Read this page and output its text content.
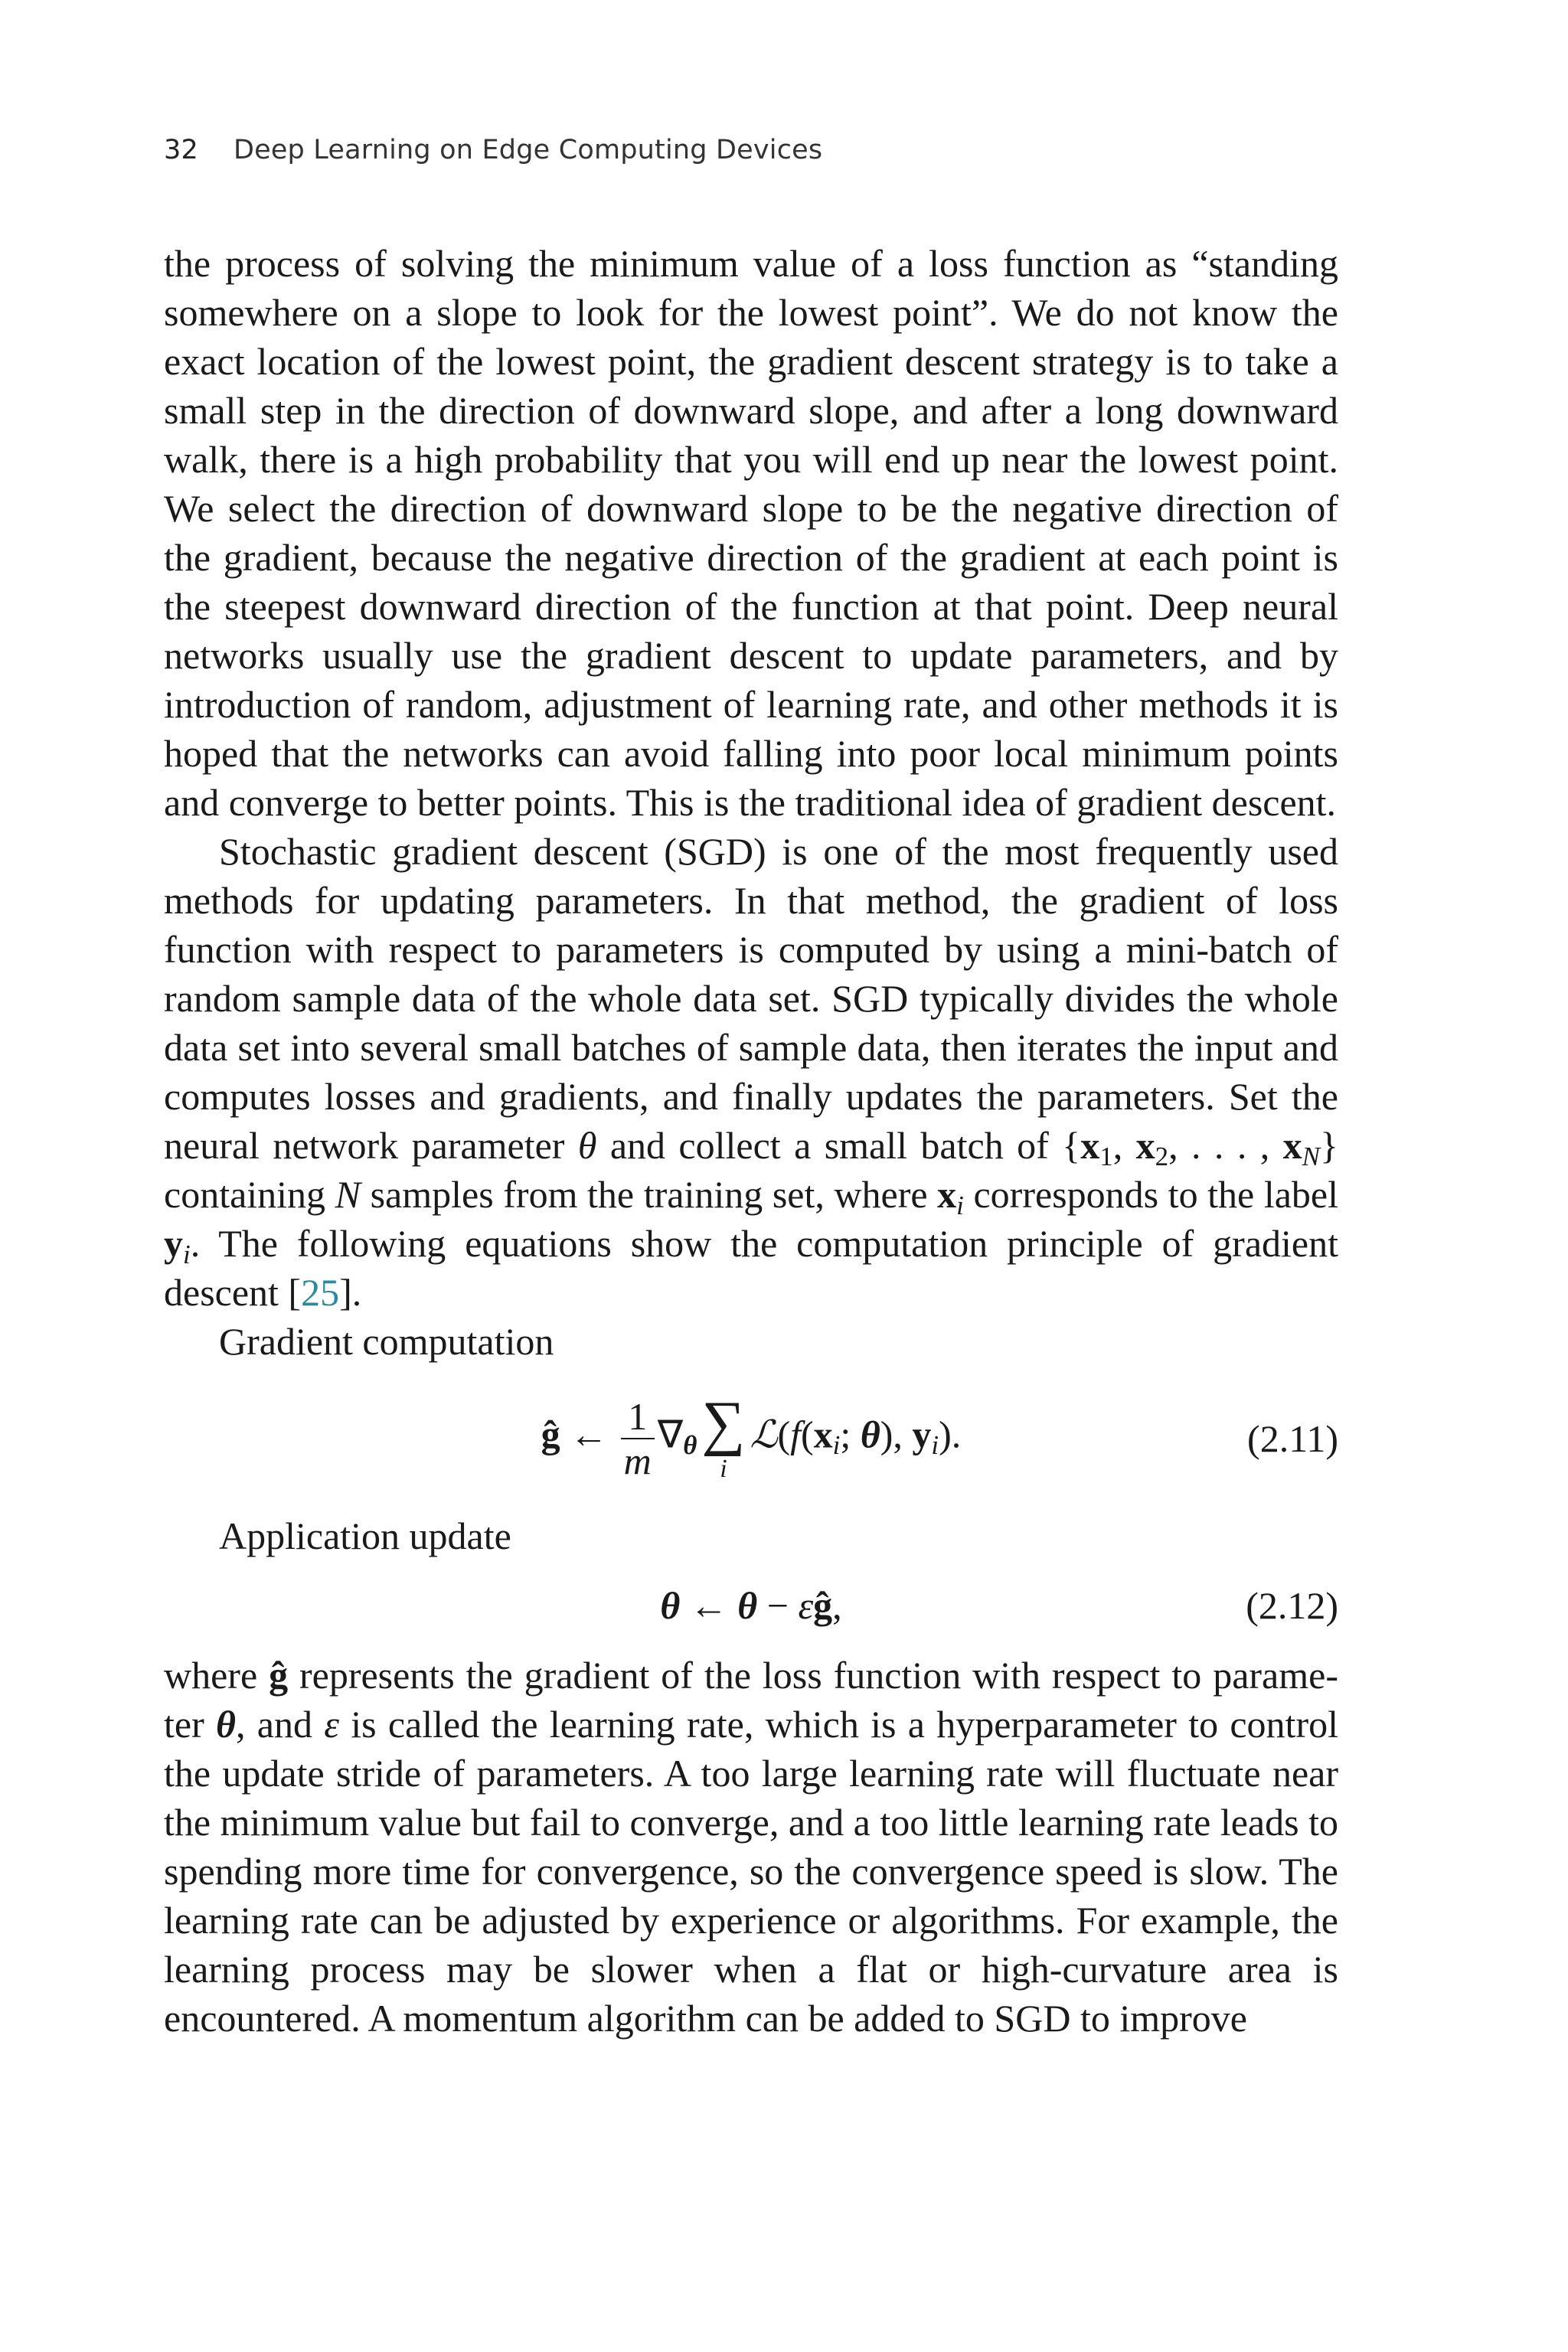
32 Deep Learning on Edge Computing Devices

the process of solving the minimum value of a loss function as “standing somewhere on a slope to look for the lowest point”. We do not know the exact location of the lowest point, the gradient descent strategy is to take a small step in the direction of downward slope, and after a long downward walk, there is a high probability that you will end up near the lowest point. We select the direction of downward slope to be the negative direction of the gradient, because the negative direction of the gradient at each point is the steepest downward direction of the function at that point. Deep neural networks usually use the gradient descent to update parameters, and by introduction of random, adjustment of learning rate, and other methods it is hoped that the networks can avoid falling into poor local minimum points and converge to better points. This is the traditional idea of gradient descent.

Stochastic gradient descent (SGD) is one of the most frequently used methods for updating parameters. In that method, the gradient of loss function with respect to parameters is computed by using a mini-batch of random sample data of the whole data set. SGD typically divides the whole data set into several small batches of sample data, then iterates the input and computes losses and gradients, and finally updates the parameters. Set the neural network parameter θ and collect a small batch of {$x_1$, $x_2$, . . . , $x_N$} containing N samples from the training set, where $x_i$ corresponds to the label $y_i$. The following equations show the computation principle of gradient descent [25].

Gradient computation

ĝ ← $\frac{1}{m} \nabla_\theta$ ∑
i
$ℒ(f(x_i$; θ), $y_i$).	(2.11)

Application update

θ ← θ − εĝ,	(2.12)

where ĝ represents the gradient of the loss function with respect to parameter θ, and ε is called the learning rate, which is a hyperparameter to control the update stride of parameters. A too large learning rate will fluctuate near the minimum value but fail to converge, and a too little learning rate leads to spending more time for convergence, so the convergence speed is slow. The learning rate can be adjusted by experience or algorithms. For example, the learning process may be slower when a flat or high-curvature area is encountered. A momentum algorithm can be added to SGD to improve
